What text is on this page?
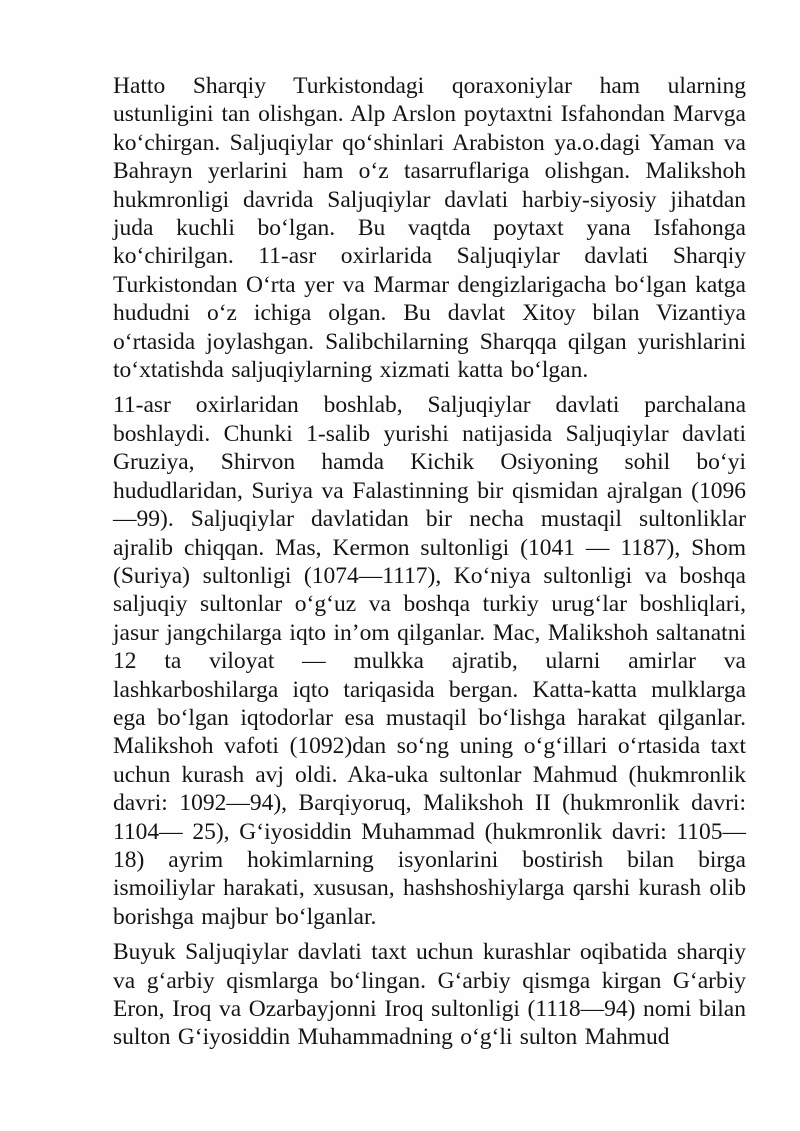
Hatto Sharqiy Turkistondagi qoraxoniylar ham ularning ustunligini tan olishgan. Alp Arslon poytaxtni Isfahondan Marvga koʻchirgan. Saljuqiylar qoʻshinlari Arabiston ya.o.dagi Yaman va Bahrayn yerlarini ham oʻz tasarruflariga olishgan. Malikshoh hukmronligi davrida Saljuqiylar davlati harbiy-siyosiy jihatdan juda kuchli boʻlgan. Bu vaqtda poytaxt yana Isfahonga koʻchirilgan. 11-asr oxirlarida Saljuqiylar davlati Sharqiy Turkistondan Oʻrta yer va Marmar dengizlarigacha boʻlgan katga hududni oʻz ichiga olgan. Bu davlat Xitoy bilan Vizantiya oʻrtasida joylashgan. Salibchilarning Sharqqa qilgan yurishlarini toʻxtatishda saljuqiylarning xizmati katta boʻlgan.

11-asr oxirlaridan boshlab, Saljuqiylar davlati parchalana boshlaydi. Chunki 1-salib yurishi natijasida Saljuqiylar davlati Gruziya, Shirvon hamda Kichik Osiyoning sohil boʻyi hududlaridan, Suriya va Falastinning bir qismidan ajralgan (1096—99). Saljuqiylar davlatidan bir necha mustaqil sultonliklar ajralib chiqqan. Mas, Kermon sultonligi (1041 — 1187), Shom (Suriya) sultonligi (1074—1117), Koʻniya sultonligi va boshqa saljuqiy sultonlar oʻgʻuz va boshqa turkiy urugʻlar boshliqlari, jasur jangchilarga iqto in’om qilganlar. Mac, Malikshoh saltanatni 12 ta viloyat — mulkka ajratib, ularni amirlar va lashkarboshilarga iqto tariqasida bergan. Katta-katta mulklarga ega boʻlgan iqtodorlar esa mustaqil boʻlishga harakat qilganlar. Malikshoh vafoti (1092)dan soʻng uning oʻgʻillari oʻrtasida taxt uchun kurash avj oldi. Aka-uka sultonlar Mahmud (hukmronlik davri: 1092—94), Barqiyoruq, Malikshoh II (hukmronlik davri: 1104— 25), Gʻiyosiddin Muhammad (hukmronlik davri: 1105—18) ayrim hokimlarning isyonlarini bostirish bilan birga ismoiliylar harakati, xususan, hashshoshiylarga qarshi kurash olib borishga majbur boʻlganlar.

Buyuk Saljuqiylar davlati taxt uchun kurashlar oqibatida sharqiy va gʻarbiy qismlarga boʻlingan. Gʻarbiy qismga kirgan Gʻarbiy Eron, Iroq va Ozarbayjonni Iroq sultonligi (1118—94) nomi bilan sulton Gʻiyosiddin Muhammadning oʻgʻli sulton Mahmud
